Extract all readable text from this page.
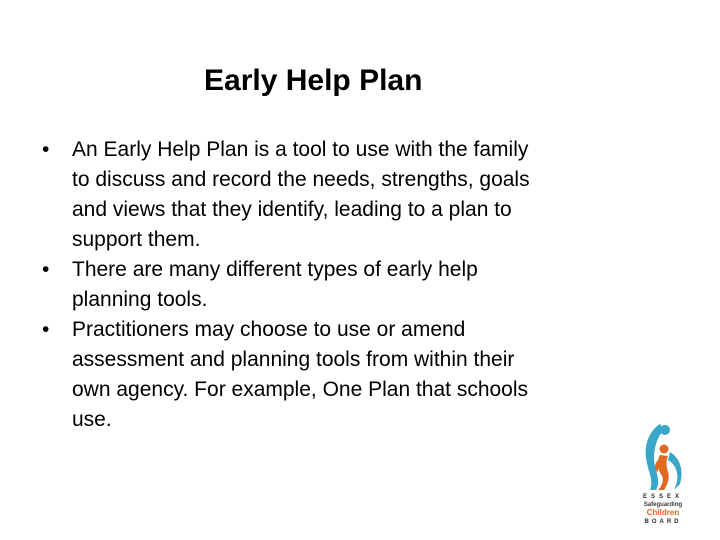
Early Help Plan
• An Early Help Plan is a tool to use with the family
to discuss and record the needs, strengths, goals
and views that they identify, leading to a plan to
support them.
• There are many different types of early help
planning tools.
• Practitioners may choose to use or amend
assessment and planning tools from within their
own agency. For example, One Plan that schools
use.
ESSEX
Safeguarding
Children
BOARD
